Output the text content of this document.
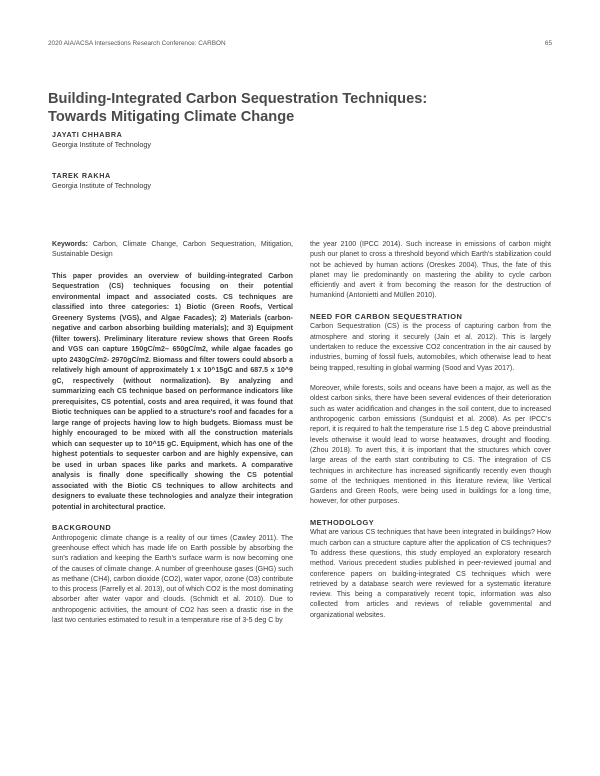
2020 AIA/ACSA Intersections Research Conference: CARBON	65
Building-Integrated Carbon Sequestration Techniques:
Towards Mitigating Climate Change
JAYATI CHHABRA
Georgia Institute of Technology
TAREK RAKHA
Georgia Institute of Technology

Keywords: Carbon, Climate Change, Carbon Sequestration, Mitigation, Sustainable Design

This paper provides an overview of building-integrated Carbon Sequestration (CS) techniques focusing on their potential environmental impact and associated costs. CS techniques are classified into three categories: 1) Biotic (Green Roofs, Vertical Greenery Systems (VGS), and Algae Facades); 2) Materials (carbon-negative and carbon absorbing building materials); and 3) Equipment (filter towers). Preliminary literature review shows that Green Roofs and VGS can capture 150gC/m2– 650gC/m2, while algae facades go upto 2430gC/m2- 2970gC/m2. Biomass and filter towers could absorb a relatively high amount of approximately 1 x 10^15gC and 687.5 x 10^9 gC, respectively (without normalization). By analyzing and summarizing each CS technique based on performance indicators like prerequisites, CS potential, costs and area required, it was found that Biotic techniques can be applied to a structure's roof and facades for a large range of projects having low to high budgets. Biomass must be highly encouraged to be mixed with all the construction materials which can sequester up to 10^15 gC. Equipment, which has one of the highest potentials to sequester carbon and are highly expensive, can be used in urban spaces like parks and markets. A comparative analysis is finally done specifically showing the CS potential associated with the Biotic CS techniques to allow architects and designers to evaluate these technologies and analyze their integration potential in architectural practice.

BACKGROUND

Anthropogenic climate change is a reality of our times (Cawley 2011). The greenhouse effect which has made life on Earth possible by absorbing the sun's radiation and keeping the Earth's surface warm is now becoming one of the causes of climate change. A number of greenhouse gases (GHG) such as methane (CH4), carbon dioxide (CO2), water vapor, ozone (O3) contribute to this process (Farrelly et al. 2013), out of which CO2 is the most dominating absorber after water vapor and clouds. (Schmidt et al. 2010). Due to anthropogenic activities, the amount of CO2 has seen a drastic rise in the last two centuries estimated to result in a temperature rise of 3-5 deg C by

the year 2100 (IPCC 2014). Such increase in emissions of carbon might push our planet to cross a threshold beyond which Earth's stabilization could not be achieved by human actions (Oreskes 2004). Thus, the fate of this planet may lie predominantly on mastering the ability to cycle carbon efficiently and avert it from becoming the reason for the destruction of humankind (Antonietti and Müllen 2010).

NEED FOR CARBON SEQUESTRATION

Carbon Sequestration (CS) is the process of capturing carbon from the atmosphere and storing it securely (Jain et al. 2012). This is largely undertaken to reduce the excessive CO2 concentration in the air caused by industries, burning of fossil fuels, automobiles, which otherwise lead to heat being trapped, resulting in global warming (Sood and Vyas 2017).

Moreover, while forests, soils and oceans have been a major, as well as the oldest carbon sinks, there have been several evidences of their deterioration such as water acidification and changes in the soil content, due to increased anthropogenic carbon emissions (Sundquist et al. 2008). As per IPCC's report, it is required to halt the temperature rise 1.5 deg C above preindustrial levels otherwise it would lead to worse heatwaves, drought and flooding. (Zhou 2018). To avert this, it is important that the structures which cover large areas of the earth start contributing to CS. The integration of CS techniques in architecture has increased significantly recently even though some of the techniques mentioned in this literature review, like Vertical Gardens and Green Roofs, were being used in buildings for a long time, however, for other purposes.

METHODOLOGY

What are various CS techniques that have been integrated in buildings? How much carbon can a structure capture after the application of CS techniques? To address these questions, this study employed an exploratory research method. Various precedent studies published in peer-reviewed journal and conference papers on building-integrated CS techniques which were retrieved by a database search were reviewed for a systematic literature review. This being a comparatively recent topic, information was also collected from articles and reviews of reliable governmental and organizational websites.
